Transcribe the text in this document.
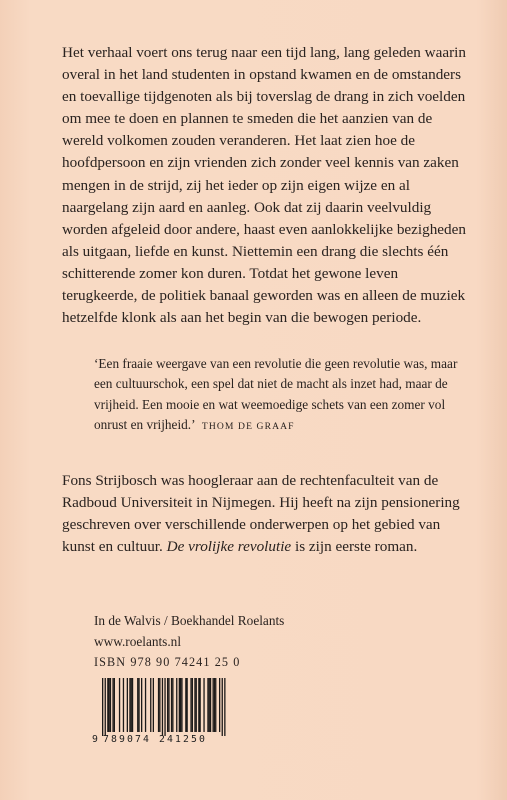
Het verhaal voert ons terug naar een tijd lang, lang geleden waarin overal in het land studenten in opstand kwamen en de omstanders en toevallige tijdgenoten als bij toverslag de drang in zich voelden om mee te doen en plannen te smeden die het aanzien van de wereld volkomen zouden veranderen. Het laat zien hoe de hoofdpersoon en zijn vrienden zich zonder veel kennis van zaken mengen in de strijd, zij het ieder op zijn eigen wijze en al naargelang zijn aard en aanleg. Ook dat zij daarin veelvuldig worden afgeleid door andere, haast even aanlokkelijke bezigheden als uitgaan, liefde en kunst. Niettemin een drang die slechts één schitterende zomer kon duren. Totdat het gewone leven terugkeerde, de politiek banaal geworden was en alleen de muziek hetzelfde klonk als aan het begin van die bewogen periode.

‘Een fraaie weergave van een revolutie die geen revolutie was, maar een cultuurschok, een spel dat niet de macht als inzet had, maar de vrijheid. Een mooie en wat weemoedige schets van een zomer vol onrust en vrijheid.’ THOM DE GRAAF

Fons Strijbosch was hoogleraar aan de rechtenfaculteit van de Radboud Universiteit in Nijmegen. Hij heeft na zijn pensionering geschreven over verschillende onderwerpen op het gebied van kunst en cultuur. De vrolijke revolutie is zijn eerste roman.

In de Walvis / Boekhandel Roelants
www.roelants.nl
ISBN 978 90 74241 25 0
9 789074 241250
